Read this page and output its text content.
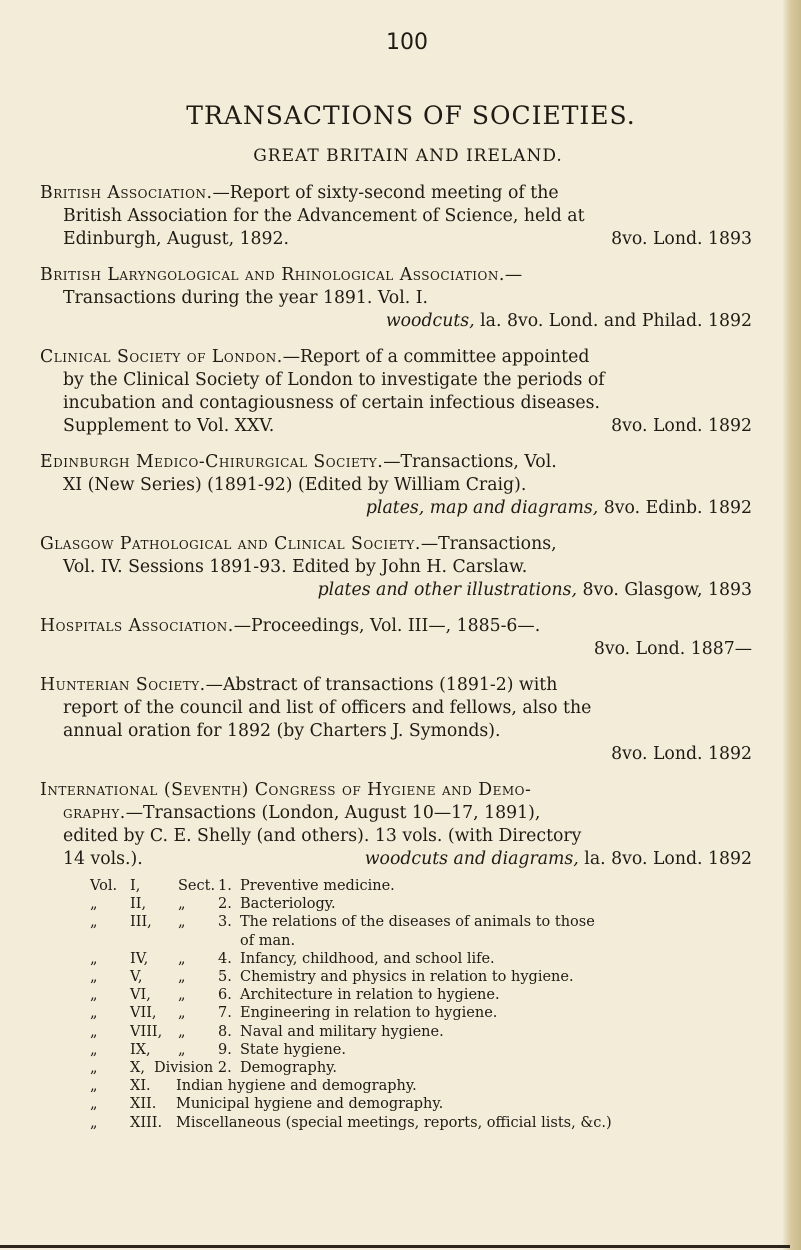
100
TRANSACTIONS OF SOCIETIES.
GREAT BRITAIN AND IRELAND.

British Association.—Report of sixty-second meeting of the

British Association for the Advancement of Science, held at

Edinburgh, August, 1892.	8vo. Lond. 1893

British Laryngological and Rhinological Association.—

Transactions during the year 1891. Vol. I.

woodcuts, la. 8vo. Lond. and Philad. 1892

Clinical Society of London.—Report of a committee appointed

by the Clinical Society of London to investigate the periods of

incubation and contagiousness of certain infectious diseases.

Supplement to Vol. XXV.	8vo. Lond. 1892

Edinburgh Medico-Chirurgical Society.—Transactions, Vol.

XI (New Series) (1891-92) (Edited by William Craig).

plates, map and diagrams, 8vo. Edinb. 1892

Glasgow Pathological and Clinical Society.—Transactions,

Vol. IV. Sessions 1891-93. Edited by John H. Carslaw.

plates and other illustrations, 8vo. Glasgow, 1893

Hospitals Association.—Proceedings, Vol. III—, 1885-6—.

8vo. Lond. 1887—

Hunterian Society.—Abstract of transactions (1891-2) with

report of the council and list of officers and fellows, also the

annual oration for 1892 (by Charters J. Symonds).

8vo. Lond. 1892

International (Seventh) Congress of Hygiene and Demo-

graphy.—Transactions (London, August 10—17, 1891),

edited by C. E. Shelly (and others). 13 vols. (with Directory

14 vols.).	woodcuts and diagrams, la. 8vo. Lond. 1892
Vol. I,	Sect. 1. Preventive medicine.
„	II,	„	2. Bacteriology.
„	III,	„	3. The relations of the diseases of animals to those
of man.
„	IV,	„	4. Infancy, childhood, and school life.
„	V,	„	5. Chemistry and physics in relation to hygiene.
„	VI,	„	6. Architecture in relation to hygiene.
„	VII,	„	7. Engineering in relation to hygiene.
„	VIII,	„	8. Naval and military hygiene.
„	IX,	„	9. State hygiene.
„	X, Division 2. Demography.
„	XI.	Indian hygiene and demography.
„	XII.	Municipal hygiene and demography.
„	XIII. Miscellaneous (special meetings, reports, official lists, &c.)
